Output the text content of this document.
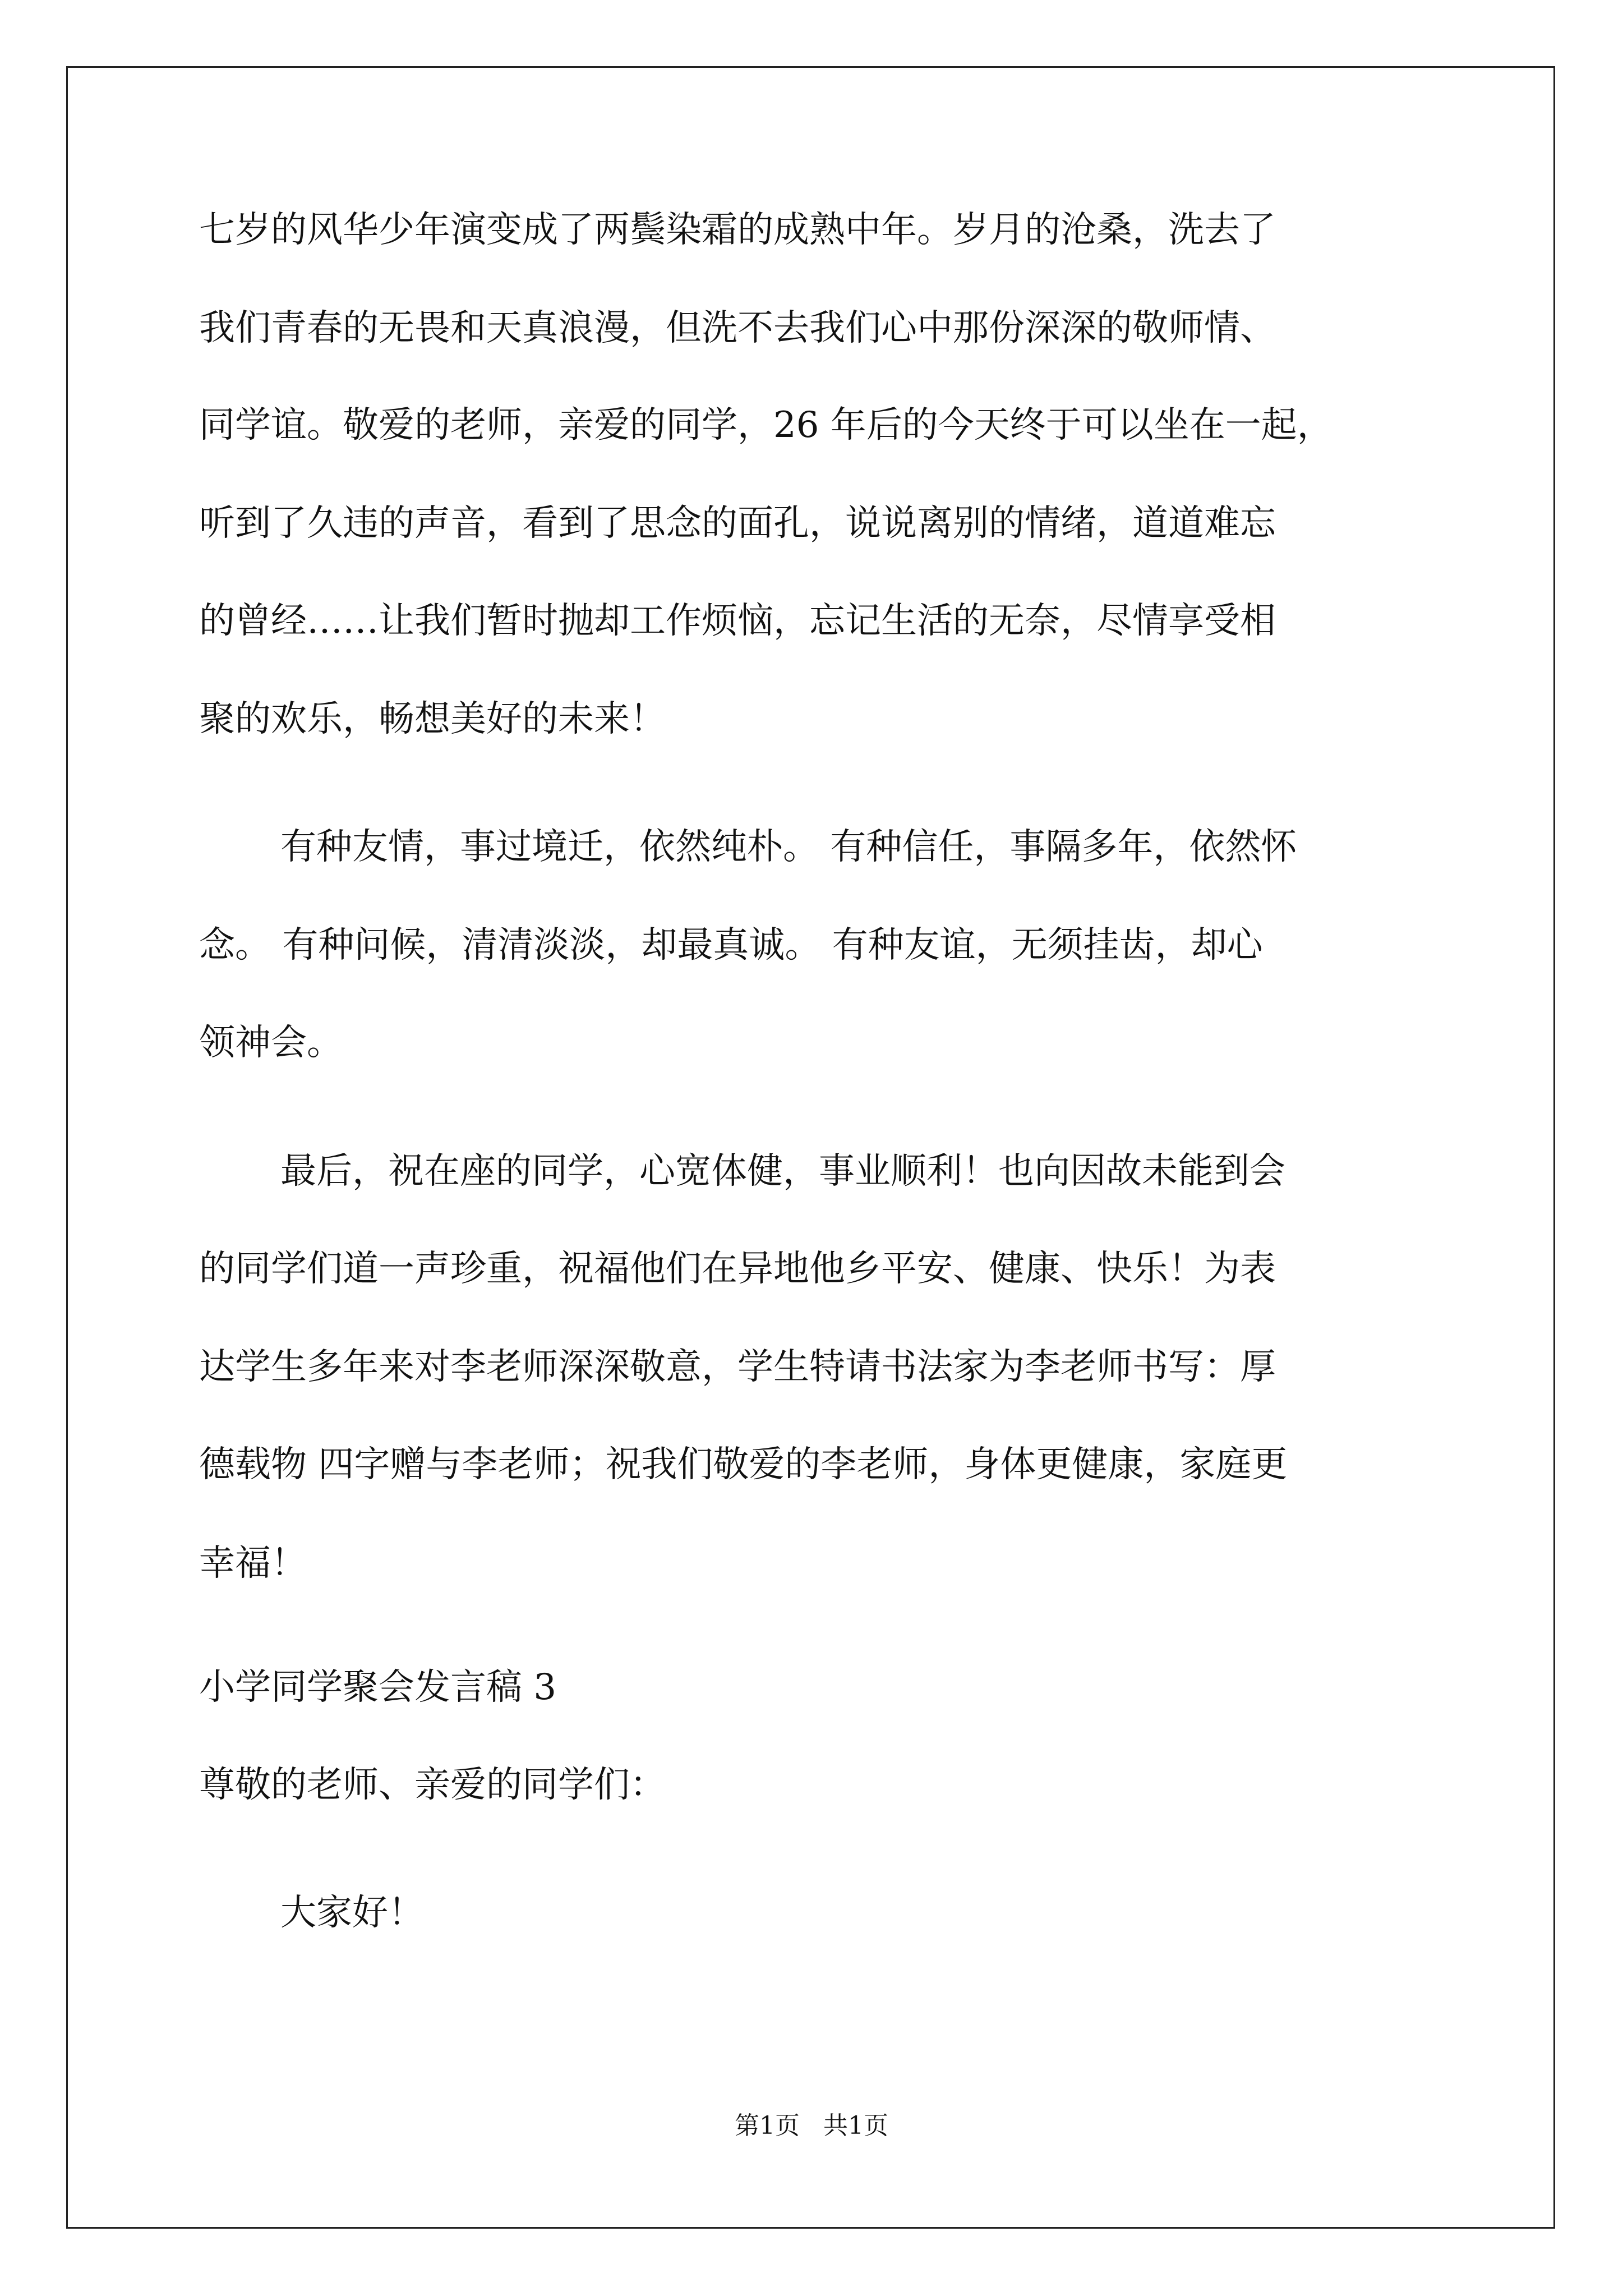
七岁的风华少年演变成了两鬓染霜的成熟中年。岁月的沧桑，洗去了
我们青春的无畏和天真浪漫，但洗不去我们心中那份深深的敬师情、
同学谊。敬爱的老师，亲爱的同学，26 年后的今天终于可以坐在一起，
听到了久违的声音，看到了思念的面孔，说说离别的情绪，道道难忘
的曾经……让我们暂时抛却工作烦恼，忘记生活的无奈，尽情享受相
聚的欢乐，畅想美好的未来！
有种友情，事过境迁，依然纯朴。 有种信任，事隔多年，依然怀
念。 有种问候，清清淡淡，却最真诚。 有种友谊，无须挂齿，却心
领神会。
最后，祝在座的同学，心宽体健，事业顺利！也向因故未能到会
的同学们道一声珍重，祝福他们在异地他乡平安、健康、快乐！为表
达学生多年来对李老师深深敬意，学生特请书法家为李老师书写：厚
德载物 四字赠与李老师；祝我们敬爱的李老师，身体更健康，家庭更
幸福！
小学同学聚会发言稿 3
尊敬的老师、亲爱的同学们：
大家好！
第1页   共1页
